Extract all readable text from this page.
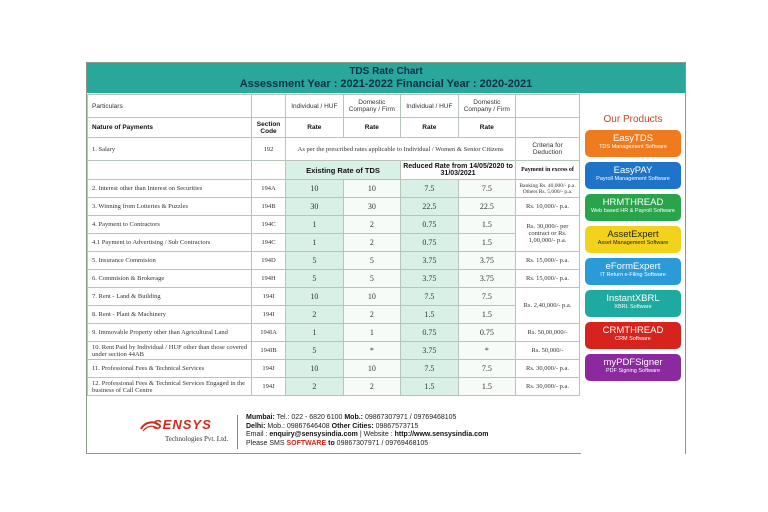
TDS Rate Chart
Assessment Year : 2021-2022 Financial Year : 2020-2021
Particulars		Individual / HUF	Domestic Company / Firm	Individual / HUF	Domestic Company / Firm	
Nature of Payments	Section Code	Rate	Rate	Rate	Rate	
1. Salary	192	As per the prescribed rates applicable to Individual / Women & Senior Citizens				Criteria for Deduction
		Existing Rate of TDS		Reduced Rate from 14/05/2020 to 31/03/2021		Payment in excess of
2. Interest other than Interest on Securities	194A	10	10	7.5	7.5	Banking Rs. 40,000/- p.a. Others Rs. 5,000/- p.a.
3. Winning from Lotteries & Puzzles	194B	30	30	22.5	22.5	Rs. 10,000/- p.a.
4. Payment to Contractors	194C	1	2	0.75	1.5	Rs. 30,000/- per contract or Rs. 1,00,000/- p.a.
4.1 Payment to Advertising / Sub Contractors	194C	1	2	0.75	1.5	
5. Insurance Commision	194D	5	5	3.75	3.75	Rs. 15,000/- p.a.
6. Commision & Brokerage	194H	5	5	3.75	3.75	Rs. 15,000/- p.a.
7. Rent - Land & Building	194I	10	10	7.5	7.5	Rs. 2,40,000/- p.a.
8. Rent - Plant & Machinery	194I	2	2	1.5	1.5	
9. Immovable Property other than Agricultural Land	194IA	1	1	0.75	0.75	Rs. 50,00,000/-
10. Rent Paid by Individual / HUF other than those covered under section 44AB	194IB	5	*	3.75	*	Rs. 50,000/-
11. Professional Fees & Technical Services	194J	10	10	7.5	7.5	Rs. 30,000/- p.a.
12. Professional Fees & Technical Services Engaged in the business of Call Centre	194J	2	2	1.5	1.5	Rs. 30,000/- p.a.
Our Products
EasyTDS
TDS Management Software
EasyPAY
Payroll Management Software
HRMTHREAD
Web based HR & Payroll Software
AssetExpert
Asset Management Software
eFormExpert
IT Return e-Filing Software
InstantXBRL
XBRL Software
CRMTHREAD
CRM Software
myPDFSigner
PDF Signing Software
SENSYS
Technologies Pvt. Ltd.
Mumbai: Tel.: 022 - 6820 6100 Mob.: 09867307971 / 09769468105
Delhi: Mob.: 09867646408 Other Cities: 09867573715
Email : enquiry@sensysindia.com | Website : http://www.sensysindia.com
Please SMS SOFTWARE to 09867307971 / 09769468105
